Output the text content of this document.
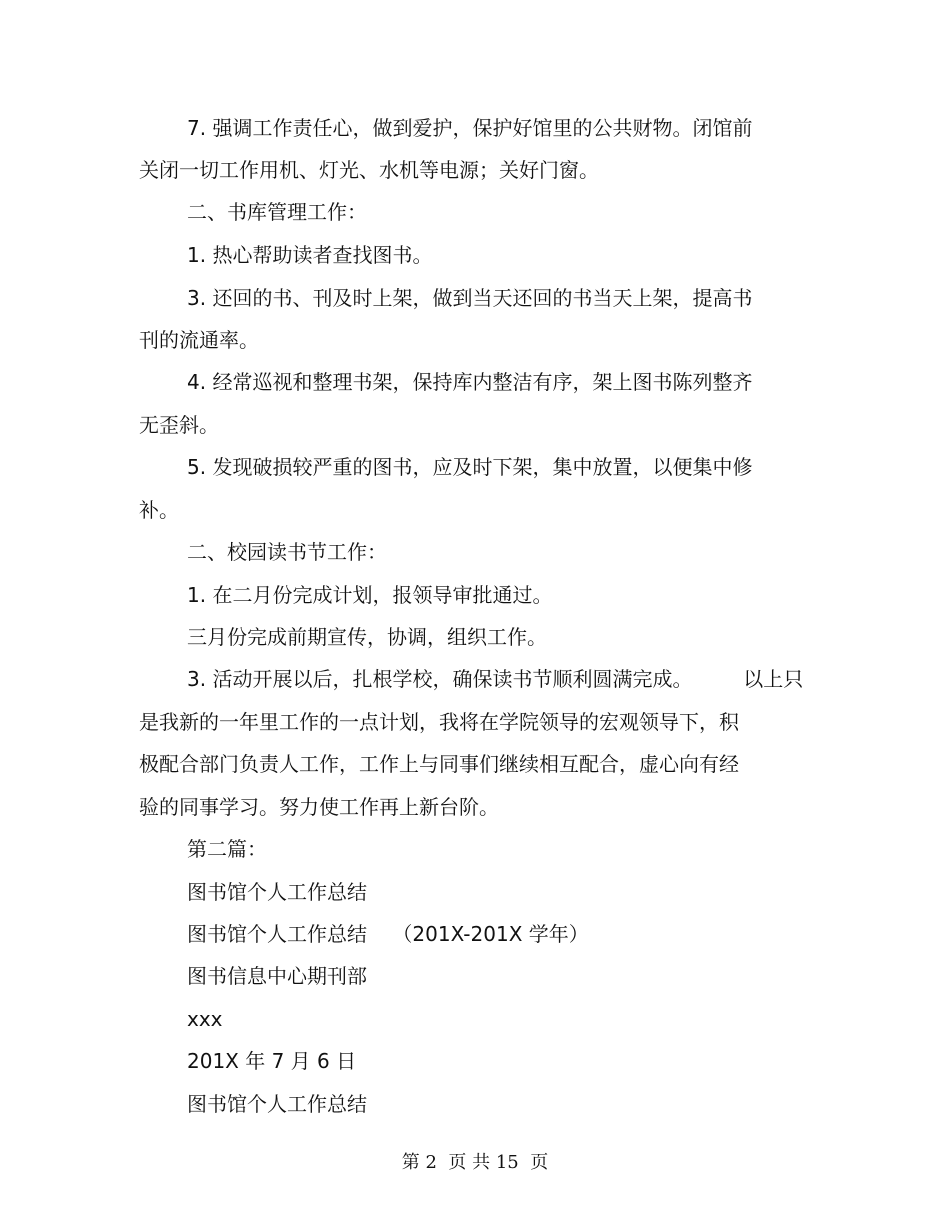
7. 强调工作责任心，做到爱护，保护好馆里的公共财物。闭馆前
关闭一切工作用机、灯光、水机等电源；关好门窗。
二、书库管理工作：
1. 热心帮助读者查找图书。
3. 还回的书、刊及时上架，做到当天还回的书当天上架，提高书
刊的流通率。
4. 经常巡视和整理书架，保持库内整洁有序，架上图书陈列整齐
无歪斜。
5. 发现破损较严重的图书，应及时下架，集中放置，以便集中修
补。
二、校园读书节工作：
1. 在二月份完成计划，报领导审批通过。
三月份完成前期宣传，协调，组织工作。
3. 活动开展以后，扎根学校，确保读书节顺利圆满完成。        以上只
是我新的一年里工作的一点计划，我将在学院领导的宏观领导下，积
极配合部门负责人工作，工作上与同事们继续相互配合，虚心向有经
验的同事学习。努力使工作再上新台阶。
第二篇：
图书馆个人工作总结
图书馆个人工作总结    （201X-201X 学年）
图书信息中心期刊部
xxx
201X 年 7 月 6 日
图书馆个人工作总结
第 2  页 共 15  页
